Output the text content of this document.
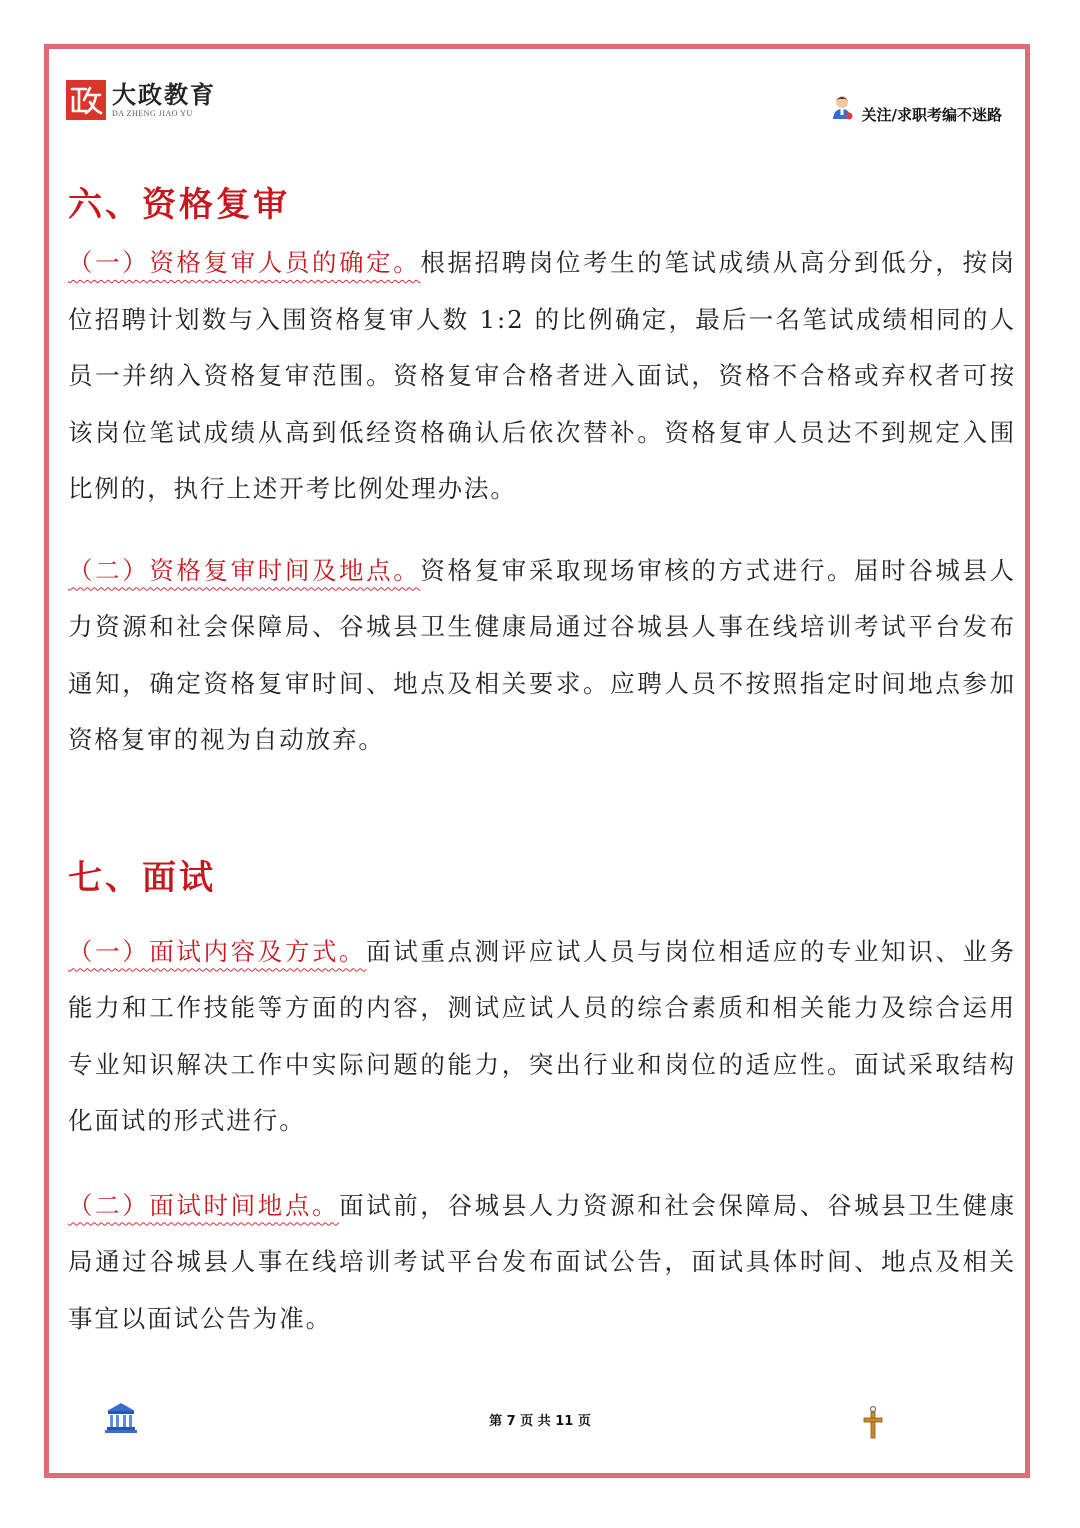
大政教育
DA ZHENG JIAO YU	关注/求职考编不迷路
六、资格复审

（一）资格复审人员的确定。根据招聘岗位考生的笔试成绩从高分到低分，按岗位招聘计划数与入围资格复审人数 1:2 的比例确定，最后一名笔试成绩相同的人员一并纳入资格复审范围。资格复审合格者进入面试，资格不合格或弃权者可按该岗位笔试成绩从高到低经资格确认后依次替补。资格复审人员达不到规定入围比例的，执行上述开考比例处理办法。

（二）资格复审时间及地点。资格复审采取现场审核的方式进行。届时谷城县人力资源和社会保障局、谷城县卫生健康局通过谷城县人事在线培训考试平台发布通知，确定资格复审时间、地点及相关要求。应聘人员不按照指定时间地点参加资格复审的视为自动放弃。

七、面试

（一）面试内容及方式。面试重点测评应试人员与岗位相适应的专业知识、业务能力和工作技能等方面的内容，测试应试人员的综合素质和相关能力及综合运用专业知识解决工作中实际问题的能力，突出行业和岗位的适应性。面试采取结构化面试的形式进行。

（二）面试时间地点。面试前，谷城县人力资源和社会保障局、谷城县卫生健康局通过谷城县人事在线培训考试平台发布面试公告，面试具体时间、地点及相关事宜以面试公告为准。

第 7 页 共 11 页
